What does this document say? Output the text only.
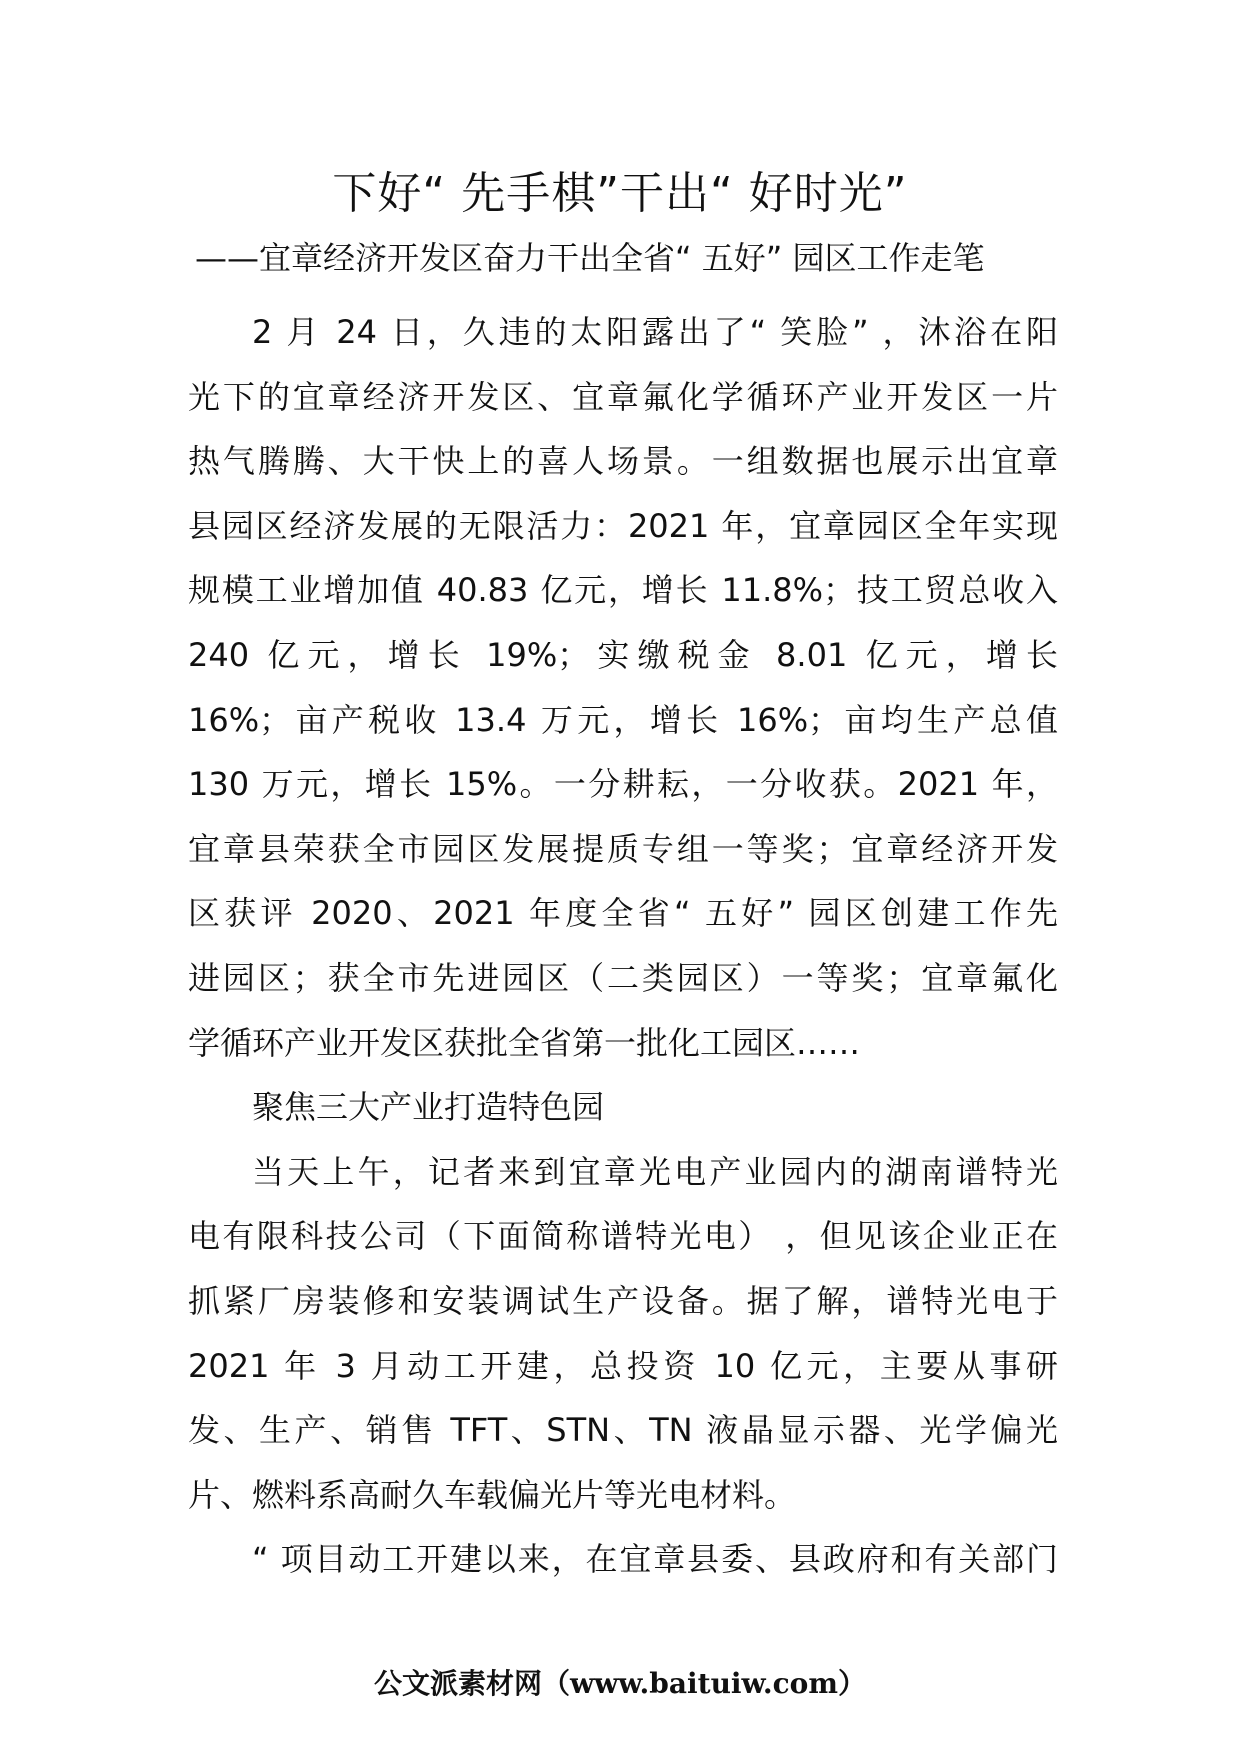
下好“ 先手棋”干出“ 好时光”
——宜章经济开发区奋力干出全省“ 五好” 园区工作走笔
2 月 24 日，久违的太阳露出了“ 笑脸” ，沐浴在阳
光下的宜章经济开发区、宜章氟化学循环产业开发区一片
热气腾腾、大干快上的喜人场景。一组数据也展示出宜章
县园区经济发展的无限活力：2021 年，宜章园区全年实现
规模工业增加值 40.83 亿元，增长 11.8%；技工贸总收入
240 亿元，增长 19%；实缴税金 8.01 亿元，增长
16%；亩产税收 13.4 万元，增长 16%；亩均生产总值
130 万元，增长 15%。一分耕耘，一分收获。2021 年，
宜章县荣获全市园区发展提质专组一等奖；宜章经济开发
区获评 2020、2021 年度全省“ 五好” 园区创建工作先
进园区；获全市先进园区（二类园区）一等奖；宜章氟化
学循环产业开发区获批全省第一批化工园区……
聚焦三大产业打造特色园
当天上午，记者来到宜章光电产业园内的湖南谱特光
电有限科技公司（下面简称谱特光电） ，但见该企业正在
抓紧厂房装修和安装调试生产设备。据了解，谱特光电于
2021 年 3 月动工开建，总投资 10 亿元，主要从事研
发、生产、销售 TFT、STN、TN 液晶显示器、光学偏光
片、燃料系高耐久车载偏光片等光电材料。
“ 项目动工开建以来，在宜章县委、县政府和有关部门
公文派素材网（www.baituiw.com）
